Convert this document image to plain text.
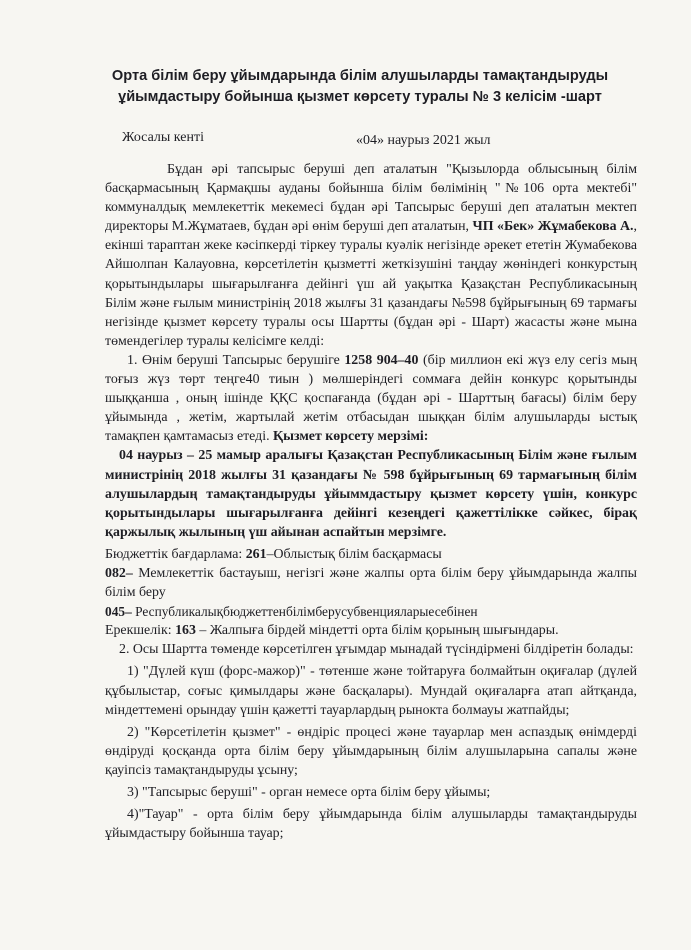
Орта білім беру ұйымдарында білім алушыларды тамақтандыруды
ұйымдастыру бойынша қызмет көрсету туралы № 3 келісім -шарт
Жосалы кенті	«04» наурыз 2021 жыл

Бұдан әрі тапсырыс беруші деп аталатын "Қызылорда облысының білім басқармасының Қармақшы ауданы бойынша білім бөлімінің "№106 орта мектебі" коммуналдық мемлекеттік мекемесі бұдан әрі Тапсырыс беруші деп аталатын мектеп директоры М.Жұматаев, бұдан әрі өнім беруші деп аталатын, ЧП «Бек» Жұмабекова А., екінші тараптан жеке кәсіпкерді тіркеу туралы куәлік негізінде әрекет ететін Жумабекова Айшолпан Калауовна, көрсетілетін қызметті жеткізушіні таңдау жөніндегі конкурстың қорытындылары шығарылғанға дейінгі үш ай уақытка Қазақстан Республикасының Білім және ғылым министрінің 2018 жылғы 31 қазандағы №598 бұйрығының 69 тармағы негізінде қызмет көрсету туралы осы Шартты (бұдан әрі - Шарт) жасасты және мына төмендегілер туралы келісімге келді:

1. Өнім беруші Тапсырыс берушіге 1258 904–40 (бір миллион екі жүз елу сегіз мың тоғыз жүз төрт теңге40 тиын ) мөлшеріндегі соммаға дейін конкурс қорытынды шыққанша , оның ішінде ҚҚС қоспағанда (бұдан әрі - Шарттың бағасы) білім беру ұйымында , жетім, жартылай жетім отбасыдан шыққан білім алушыларды ыстық тамақпен қамтамасыз етеді. Қызмет көрсету мерзімі:

04 наурыз – 25 мамыр аралығы Қазақстан Республикасының Білім және ғылым министрінің 2018 жылғы 31 қазандағы № 598 бұйрығының 69 тармағының білім алушылардың тамақтандыруды ұйыммдастыру қызмет көрсету үшін, конкурс қорытындылары шығарылғанға дейінгі кезеңдегі қажеттілікке сәйкес, бірақ қаржылық жылының үш айынан аспайтын мерзімге.

Бюджеттік бағдарлама: 261–Облыстық білім басқармасы

082– Мемлекеттік бастауыш, негізгі және жалпы орта білім беру ұйымдарында жалпы білім беру

045– Республикалықбюджеттенбілімберусубвенцияларыесебінен

Ерекшелік: 163 – Жалпыға бірдей міндетті орта білім қорының шығындары.

2. Осы Шартта төменде көрсетілген ұғымдар мынадай түсіндірмені білдіретін болады:

1) "Дүлей күш (форс-мажор)" - төтенше және тойтаруға болмайтын оқиғалар (дүлей құбылыстар, соғыс қимылдары және басқалары). Мундай оқиғаларға атап айтқанда, міндеттемені орындау үшін қажетті тауарлардың рынокта болмауы жатпайды;

2) "Көрсетілетін қызмет" - өндіріс процесі және тауарлар мен аспаздық өнімдерді өндіруді қосқанда орта білім беру ұйымдарының білім алушыларына сапалы және қауіпсіз тамақтандыруды ұсыну;

3) "Тапсырыс беруші" - орган немесе орта білім беру ұйымы;

4)"Тауар" - орта білім беру ұйымдарында білім алушыларды тамақтандыруды ұйымдастыру бойынша тауар;
